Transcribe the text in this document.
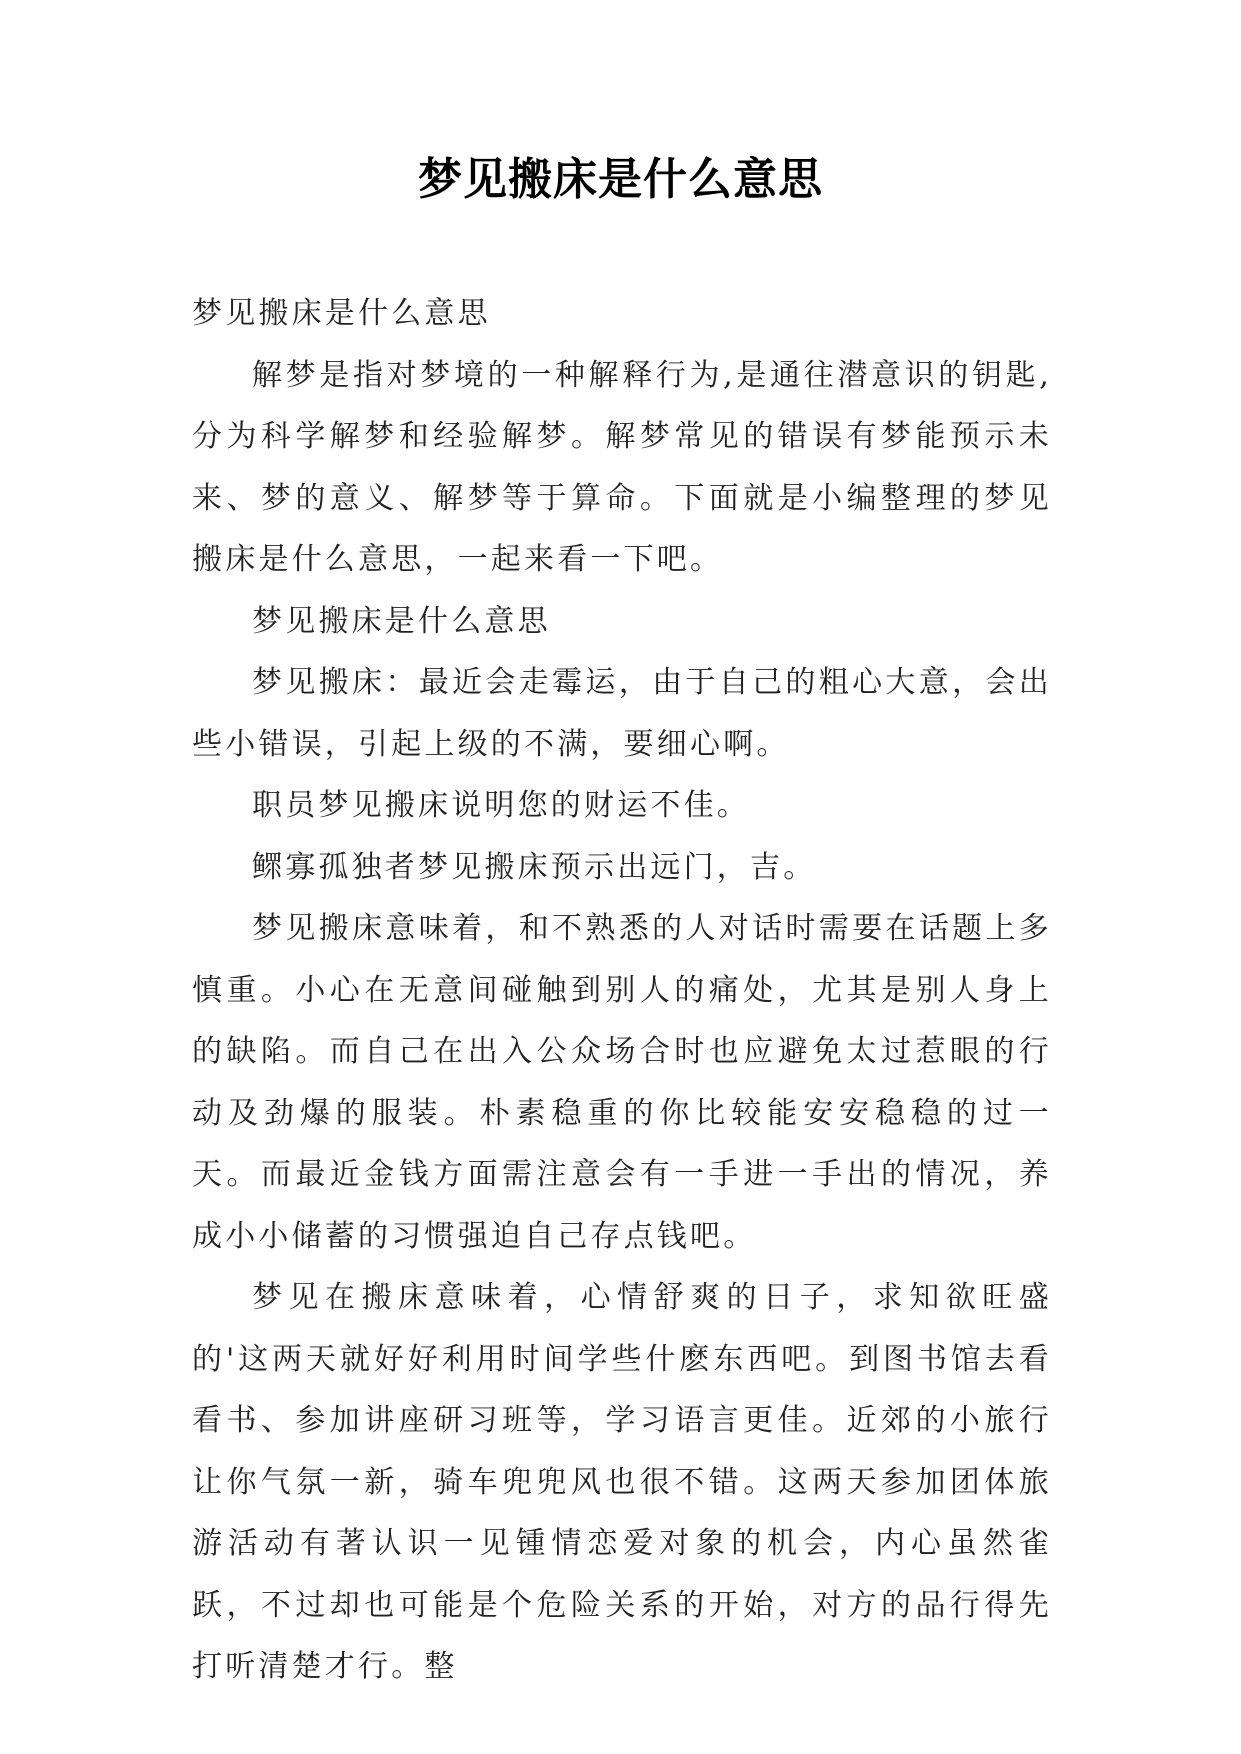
梦见搬床是什么意思

梦见搬床是什么意思

解梦是指对梦境的一种解释行为,是通往潜意识的钥匙,分为科学解梦和经验解梦。解梦常见的错误有梦能预示未来、梦的意义、解梦等于算命。下面就是小编整理的梦见搬床是什么意思，一起来看一下吧。

梦见搬床是什么意思

梦见搬床：最近会走霉运，由于自己的粗心大意，会出些小错误，引起上级的不满，要细心啊。

职员梦见搬床说明您的财运不佳。

鳏寡孤独者梦见搬床预示出远门，吉。

梦见搬床意味着，和不熟悉的人对话时需要在话题上多慎重。小心在无意间碰触到别人的痛处，尤其是别人身上的缺陷。而自己在出入公众场合时也应避免太过惹眼的行动及劲爆的服装。朴素稳重的你比较能安安稳稳的过一天。而最近金钱方面需注意会有一手进一手出的情况，养成小小储蓄的习惯强迫自己存点钱吧。

梦见在搬床意味着，心情舒爽的日子，求知欲旺盛的'这两天就好好利用时间学些什麽东西吧。到图书馆去看看书、参加讲座研习班等，学习语言更佳。近郊的小旅行让你气氛一新，骑车兜兜风也很不错。这两天参加团体旅游活动有著认识一见锺情恋爱对象的机会，内心虽然雀跃，不过却也可能是个危险关系的开始，对方的品行得先打听清楚才行。整
